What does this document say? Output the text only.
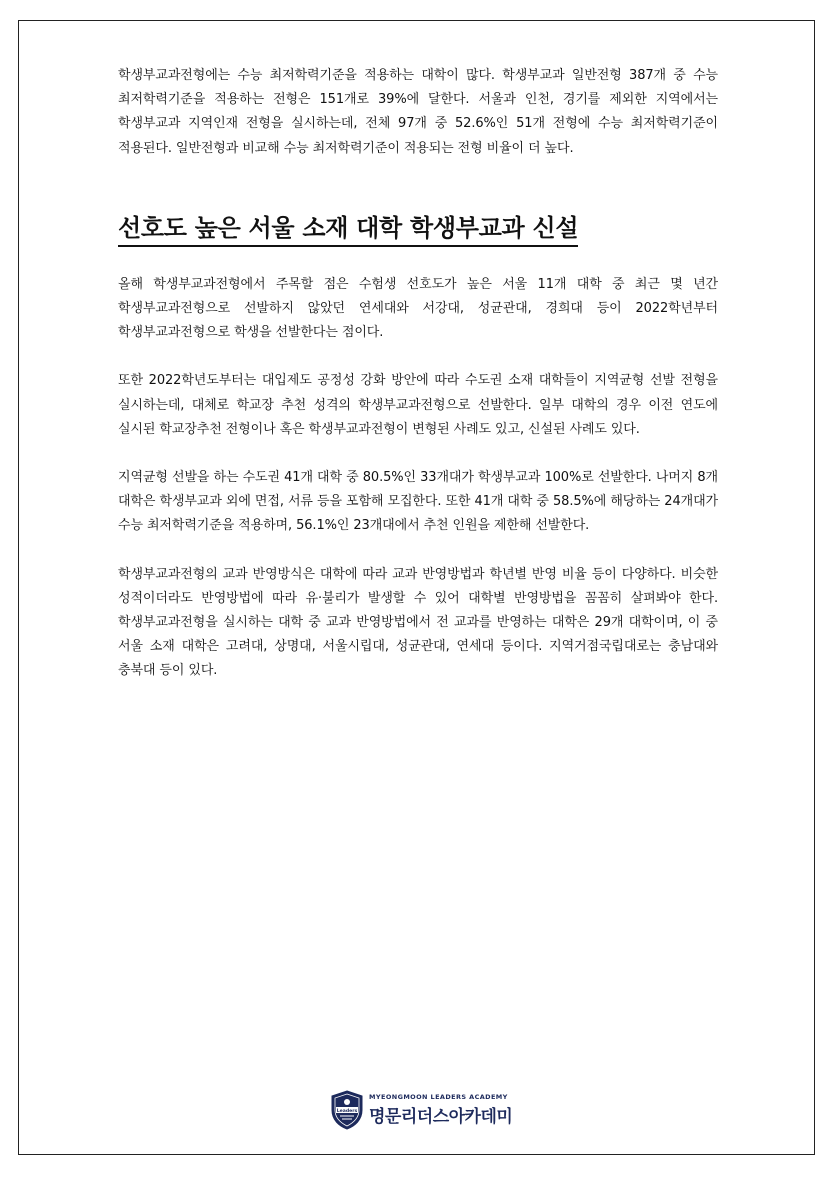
학생부교과전형에는 수능 최저학력기준을 적용하는 대학이 많다. 학생부교과 일반전형 387개 중 수능 최저학력기준을 적용하는 전형은 151개로 39%에 달한다. 서울과 인천, 경기를 제외한 지역에서는 학생부교과 지역인재 전형을 실시하는데, 전체 97개 중 52.6%인 51개 전형에 수능 최저학력기준이 적용된다. 일반전형과 비교해 수능 최저학력기준이 적용되는 전형 비율이 더 높다.

선호도 높은 서울 소재 대학 학생부교과 신설

올해 학생부교과전형에서 주목할 점은 수험생 선호도가 높은 서울 11개 대학 중 최근 몇 년간 학생부교과전형으로 선발하지 않았던 연세대와 서강대, 성균관대, 경희대 등이 2022학년부터 학생부교과전형으로 학생을 선발한다는 점이다.

또한 2022학년도부터는 대입제도 공정성 강화 방안에 따라 수도권 소재 대학들이 지역균형 선발 전형을 실시하는데, 대체로 학교장 추천 성격의 학생부교과전형으로 선발한다. 일부 대학의 경우 이전 연도에 실시된 학교장추천 전형이나 혹은 학생부교과전형이 변형된 사례도 있고, 신설된 사례도 있다.

지역균형 선발을 하는 수도권 41개 대학 중 80.5%인 33개대가 학생부교과 100%로 선발한다. 나머지 8개 대학은 학생부교과 외에 면접, 서류 등을 포함해 모집한다. 또한 41개 대학 중 58.5%에 해당하는 24개대가 수능 최저학력기준을 적용하며, 56.1%인 23개대에서 추천 인원을 제한해 선발한다.

학생부교과전형의 교과 반영방식은 대학에 따라 교과 반영방법과 학년별 반영 비율 등이 다양하다. 비슷한 성적이더라도 반영방법에 따라 유·불리가 발생할 수 있어 대학별 반영방법을 꼼꼼히 살펴봐야 한다. 학생부교과전형을 실시하는 대학 중 교과 반영방법에서 전 교과를 반영하는 대학은 29개 대학이며, 이 중 서울 소재 대학은 고려대, 상명대, 서울시립대, 성균관대, 연세대 등이다. 지역거점국립대로는 충남대와 충북대 등이 있다.

Leaders
MYEONGMOON LEADERS ACADEMY
명문리더스아카데미
